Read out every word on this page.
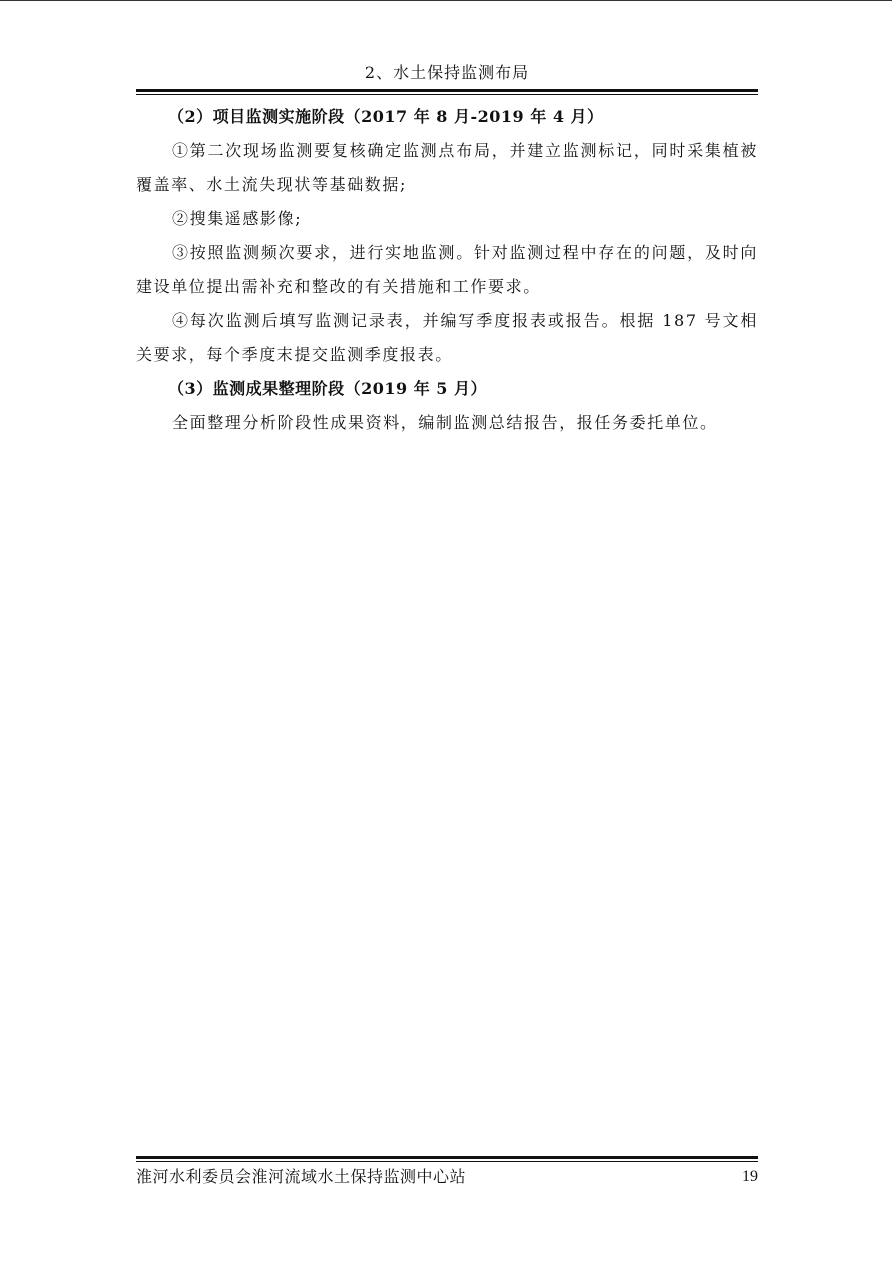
2、水土保持监测布局

（2）项目监测实施阶段（2017 年 8 月-2019 年 4 月）

①第二次现场监测要复核确定监测点布局，并建立监测标记，同时采集植被覆盖率、水土流失现状等基础数据;

②搜集遥感影像;

③按照监测频次要求，进行实地监测。针对监测过程中存在的问题，及时向建设单位提出需补充和整改的有关措施和工作要求。

④每次监测后填写监测记录表，并编写季度报表或报告。根据 187 号文相关要求，每个季度末提交监测季度报表。

（3）监测成果整理阶段（2019 年 5 月）

全面整理分析阶段性成果资料，编制监测总结报告，报任务委托单位。

淮河水利委员会淮河流域水土保持监测中心站	19
